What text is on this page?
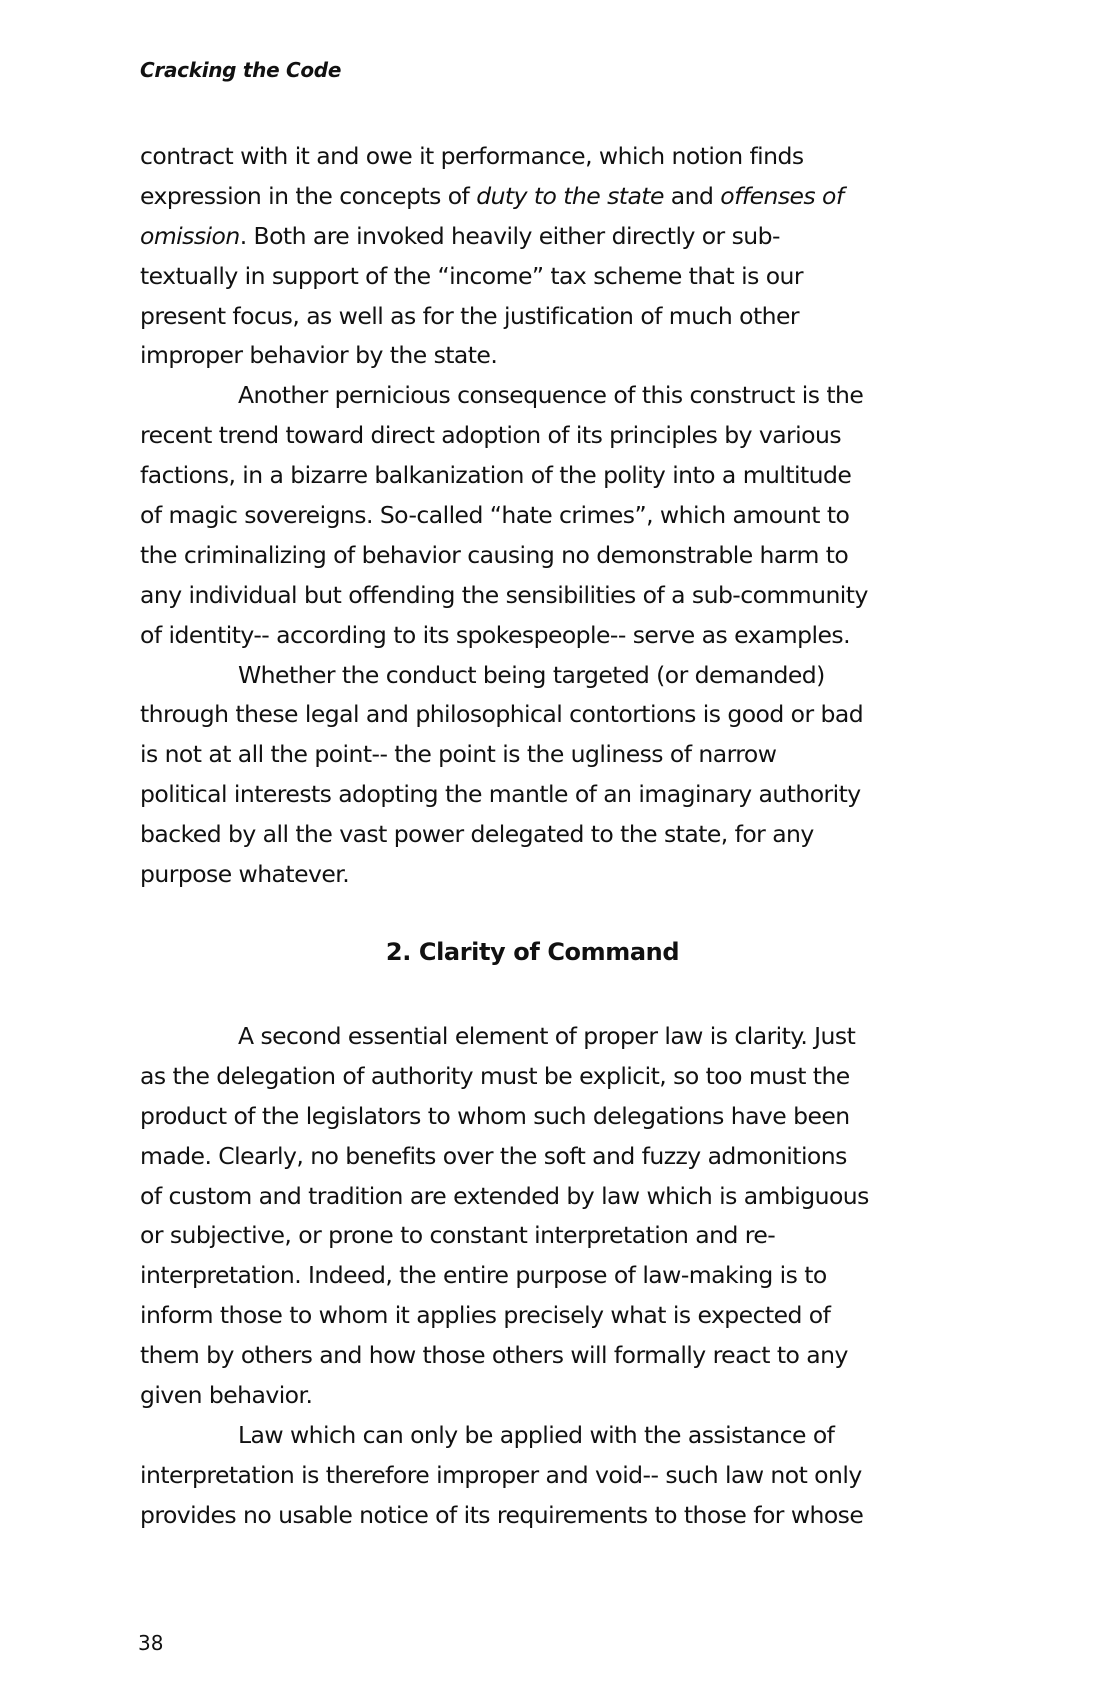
Cracking the Code
contract with it and owe it performance, which notion finds
expression in the concepts of duty to the state and offenses of
omission. Both are invoked heavily either directly or sub-
textually in support of the “income” tax scheme that is our
present focus, as well as for the justification of much other
improper behavior by the state.
Another pernicious consequence of this construct is the
recent trend toward direct adoption of its principles by various
factions, in a bizarre balkanization of the polity into a multitude
of magic sovereigns. So-called “hate crimes”, which amount to
the criminalizing of behavior causing no demonstrable harm to
any individual but offending the sensibilities of a sub-community
of identity-- according to its spokespeople-- serve as examples.
Whether the conduct being targeted (or demanded)
through these legal and philosophical contortions is good or bad
is not at all the point-- the point is the ugliness of narrow
political interests adopting the mantle of an imaginary authority
backed by all the vast power delegated to the state, for any
purpose whatever.
2. Clarity of Command
A second essential element of proper law is clarity. Just
as the delegation of authority must be explicit, so too must the
product of the legislators to whom such delegations have been
made. Clearly, no benefits over the soft and fuzzy admonitions
of custom and tradition are extended by law which is ambiguous
or subjective, or prone to constant interpretation and re-
interpretation. Indeed, the entire purpose of law-making is to
inform those to whom it applies precisely what is expected of
them by others and how those others will formally react to any
given behavior.
Law which can only be applied with the assistance of
interpretation is therefore improper and void-- such law not only
provides no usable notice of its requirements to those for whose
38
